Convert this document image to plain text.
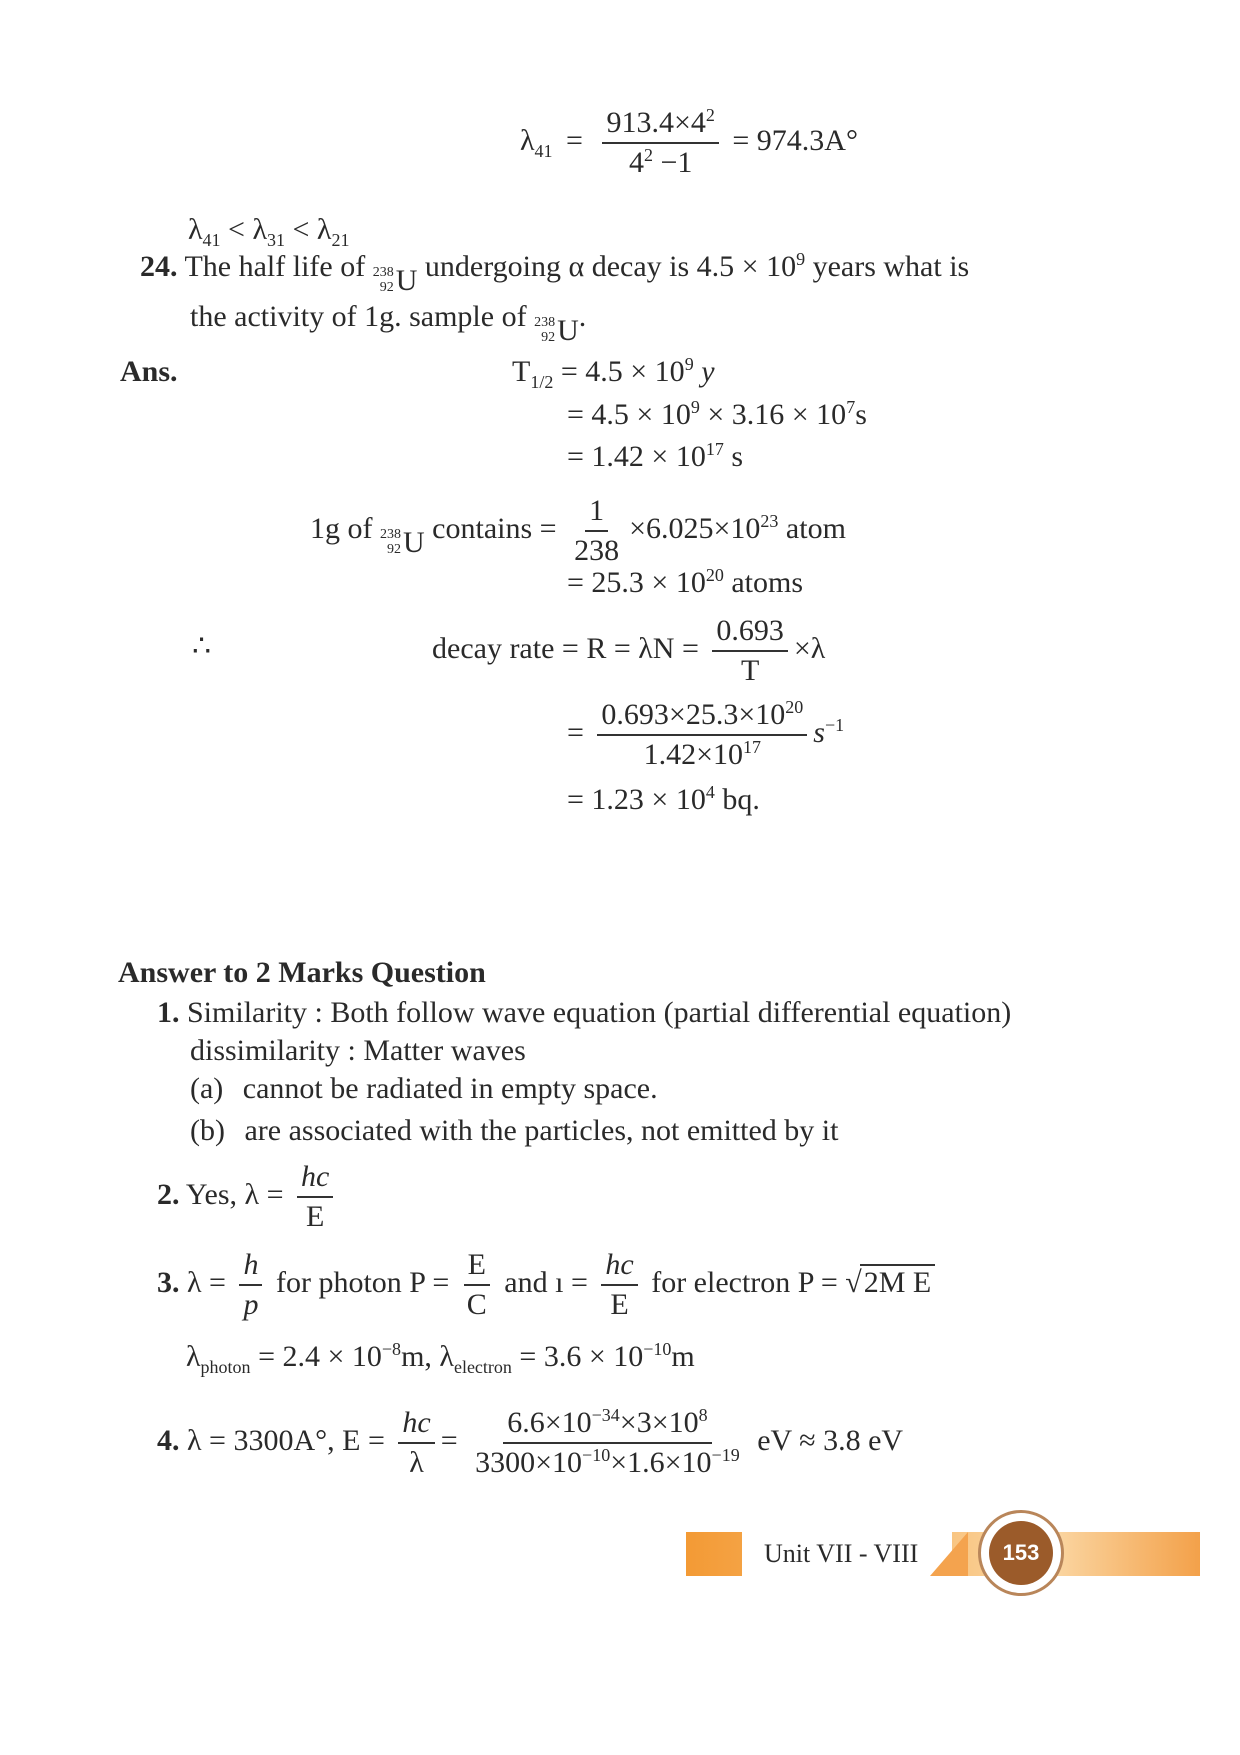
$\lambda_{41} = \frac{913.4\times 4^2}{4^2 -1} = 974.3A^\circ$
$\lambda_{41} < \lambda_{31} < \lambda_{21}$
24. The half life of 238
92 U undergoing α decay is $4.5 \times 10^9$ years what is
the activity of 1g. sample of 238
92 U .
Ans.	$T_{1/2} = 4.5 \times 10^9$ y
= $4.5 \times 10^9 \times 3.16 \times 10^7s$
= $1.42 \times 10^{17}$ s
1g of 238
92 U contains = $\frac{1}{238} \times 6.025\times 10^{23}$ atom
= $25.3 \times 10^{20}$ atoms
∴	decay rate = $R = \lambda N = \frac{0.693}{T} \times\lambda$
= $\frac{0.693\times 25.3\times 10^{20}}{1.42\times 10^{17}} s^{-1}$
= $1.23 \times 10^4$ bq.
Answer to 2 Marks Question
1. Similarity : Both follow wave equation (partial differential equation)
dissimilarity : Matter waves
(a) cannot be radiated in empty space.
(b) are associated with the particles, not emitted by it
2. Yes, $\lambda = \frac{hc}{E}$
3. $\lambda = \frac{h}{p}$ for photon $P = \frac{E}{C}$ and ı = $\frac{hc}{E}$ for electron P = √2M E
$\lambda_{photon} = 2.4 \times 10^{-8}m$, $\lambda_{electron} = 3.6 \times 10^{-10}m$
4. λ = 3300A°, $E = \frac{hc}{\lambda} = \frac{6.6\times 10^{-34}\times 3\times 10^8}{3300\times 10^{-10}\times 1.6\times 10^{-19}}$ eV ≈ 3.8 eV
Unit VII - VIII	153
